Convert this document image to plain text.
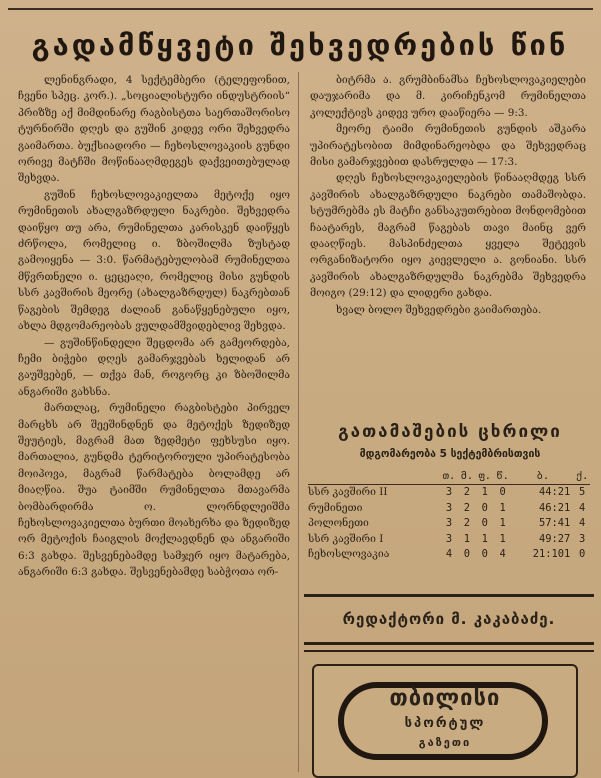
გადამწყვეტი შეხვედრების წინ

ლენინგრადი, 4 სექტემბერი (ტელეფონით, ჩვენი სპეც. კორ.). „სოციალისტური ინდუსტრიის“ პრიზზე აქ მიმდინარე რაგბისტთა საერთაშორისო ტურნირში დღეს და გუშინ კიდევ ორი შეხვედრა გაიმართა. ბუქსიადორი — ჩეხოსლოვაკიის გუნდი ორივე მატჩში მოწინააღმდეგეს დაქვეითებულად შეხვდა.

გუშინ ჩეხოსლოვაკიელთა მეტოქე იყო რუმინეთის ახალგაზრდული ნაკრები. შეხვედრა დაიწყო თუ არა, რუმინელთა კარისკენ დაიწყეს ძრწოლა, რომელიც ი. ზბოშილმა ზუსტად გამოიყენა — 3:0. წარმატებულობამ რუმინელთა მწვრთნელი ი. ცეცეაღი, რომელიც მისი გუნდის სსრ კავშირის მეორე (ახალგაზრდულ) ნაკრებთან წაგების შემდეგ ძალიან განაწყენებული იყო, ახლა მდგომარეობას ვულდამშვიდებლივ შეხვდა.

— გუშინწინდელი შეცდომა არ გამეორდება, ჩემი ბიჭები დღეს გამარჯვებას ხელიდან არ გაუშვებენ, — თქვა მან, როგორც კი ზბოშილმა ანგარიში გახსნა.

მართლაც, რუმინელი რაგბისტები პირველ მარცხს არ შეეშინდნენ და მეტოქეს ზედიზედ შეუტიეს, მაგრამ მათ ზედმეტი ფეხსუსი იყო. მართალია, გუნდმა ტერიტორიული უპირატესობა მოიპოვა, მაგრამ წარმატება ბოლამდე არ მიაღწია. შუა ტაიმში რუმინელთა მთავარმა ბომბარდირმა ო. ლორნდლეიშმა ჩეხოსლოვაკიელთა ბურთი მოახერხა და ზედიზედ ორ მეტოქის ჩაიგლის მოქლავდნენ და ანგარიში 6:3 გახდა. შესვენებამდე სამჯერ იყო მატარება, ანგარიში 6:3 გახდა. შესვენებამდე საბჭოთა ორ-

ბიტრმა ა. გრუმბინამსა ჩეხოსლოვაკიელები დაუჯარიმა და მ. კირიჩენკომ რუმინელთა კოლექტივს კიდევ ურო დააწიერა — 9:3.

მეორე ტაიმი რუმინეთის გუნდის აშკარა უპირატესობით მიმდინარეობდა და შეხვედრაც მისი გამარჯვებით დასრულდა — 17:3.

დღეს ჩეხოსლოვაკიელების წინააღმდეგ სსრ კავშირის ახალგაზრდული ნაკრები თამაშობდა. სტუმრებმა ეს მატჩი განსაკუთრებით მონდომებით ჩაატარეს, მაგრამ წაგებას თავი მაინც ვერ დააღწიეს. მასპინძელთა ყველა შეტევის ორგანიზატორი იყო კიევლელი ა. გონიანი. სსრ კავშირის ახალგაზრდულმა ნაკრებმა შეხვედრა მოიგო (29:12) და ლიდერი გახდა.

ხვალ ბოლო შეხვედრები გაიმართება.

გათამაშების ცხრილი
მდგომარეობა 5 სექტემბრისთვის
	თ.	მ.	ფ.	წ.	ბ.	ქ.
სსრ კავშირი II	3	2	1	0	44:21	5
რუმინეთი	3	2	0	1	46:21	4
პოლონეთი	3	2	0	1	57:41	4
სსრ კავშირი I	3	1	1	1	49:27	3
ჩეხოსლოვაკია	4	0	0	4	21:101	0
რედაქტორი მ. კაკაბაძე.
თბილისი
სპორტულ
გაზეთი
